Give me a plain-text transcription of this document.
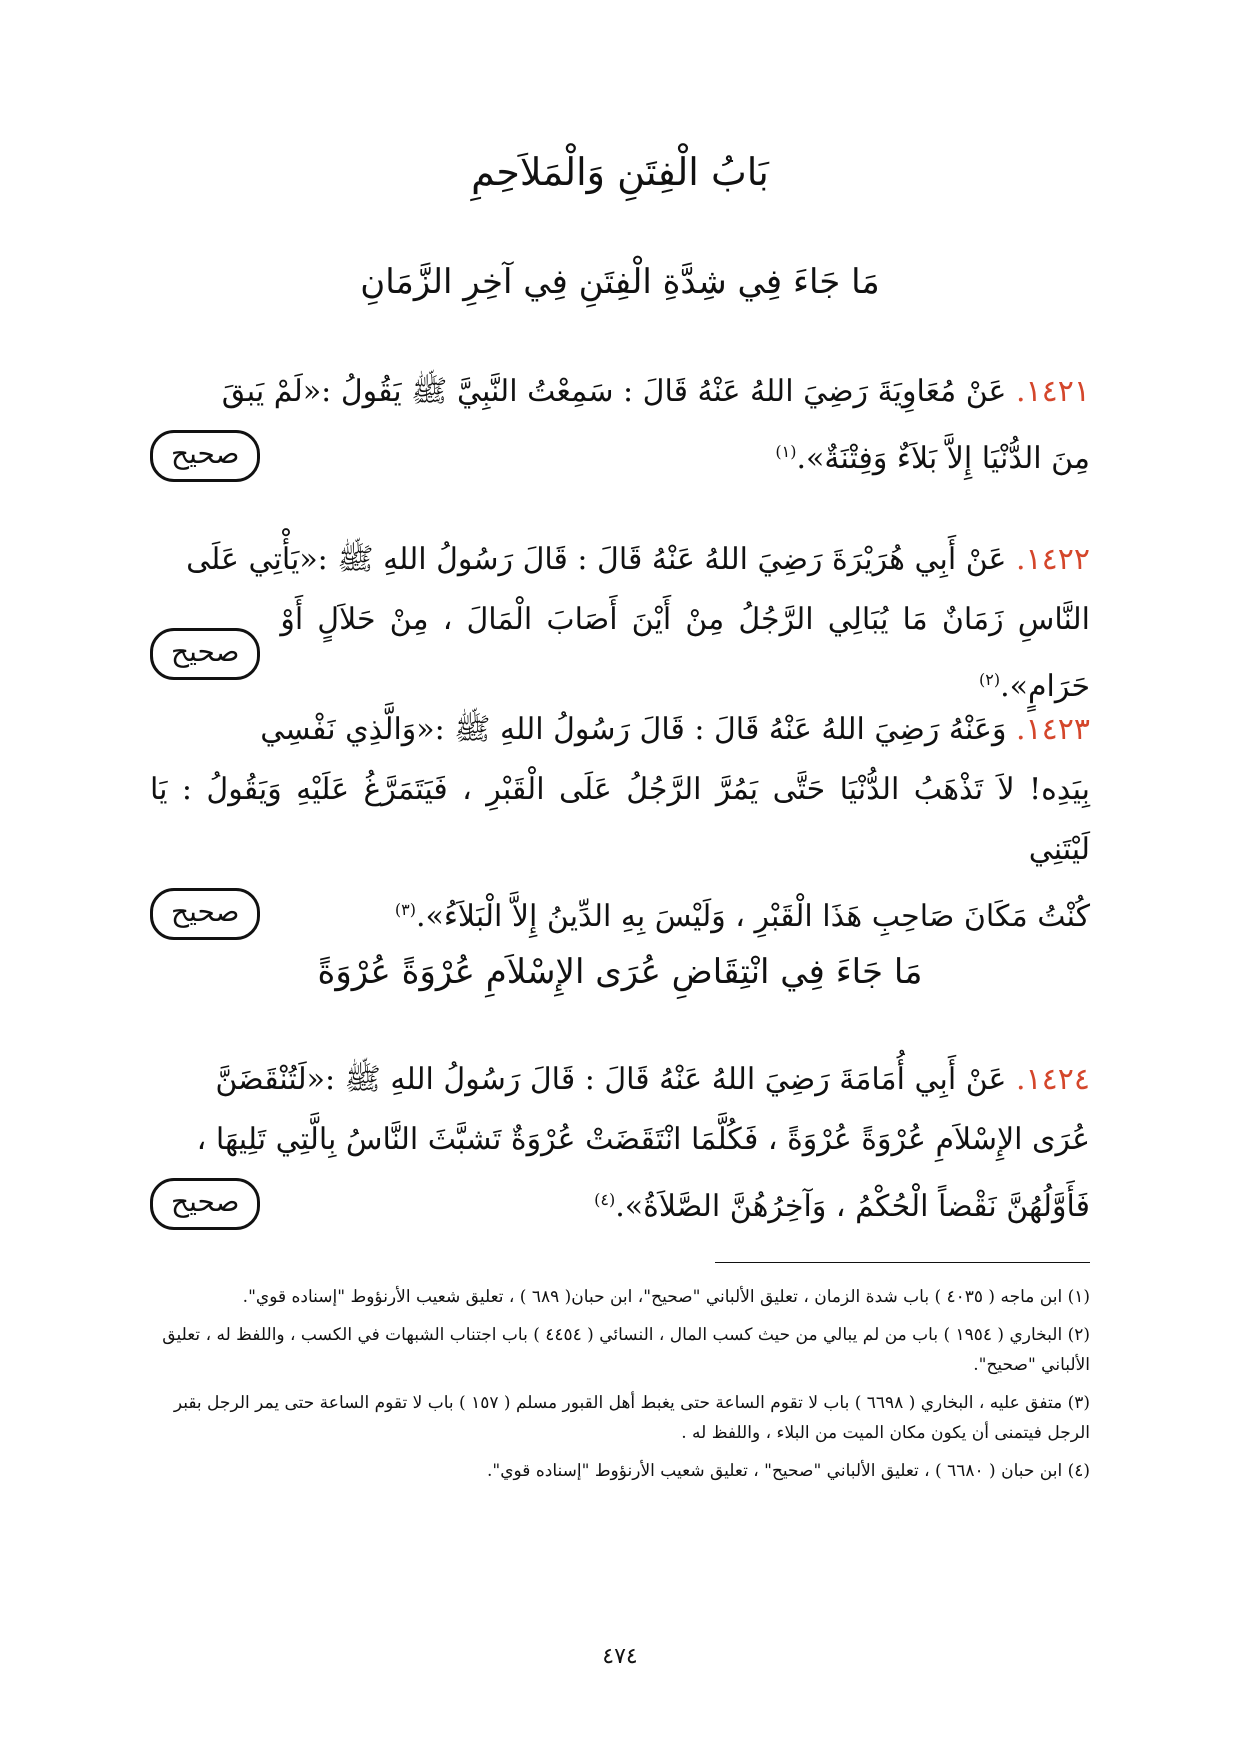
بَابُ الْفِتَنِ وَالْمَلاَحِمِ
مَا جَاءَ فِي شِدَّةِ الْفِتَنِ فِي آخِرِ الزَّمَانِ
١٤٢١. عَنْ مُعَاوِيَةَ رَضِيَ اللهُ عَنْهُ قَالَ : سَمِعْتُ النَّبِيَّ ﷺ يَقُولُ :«لَمْ يَبقَ
مِنَ الدُّنْيَا إِلاَّ بَلاَءٌ وَفِتْنَةٌ».$^{(١)}$
صحيح
١٤٢٢. عَنْ أَبِي هُرَيْرَةَ رَضِيَ اللهُ عَنْهُ قَالَ : قَالَ رَسُولُ اللهِ ﷺ :«يَأْتِي عَلَى
النَّاسِ زَمَانٌ مَا يُبَالِي الرَّجُلُ مِنْ أَيْنَ أَصَابَ الْمَالَ ، مِنْ حَلاَلٍ أَوْ حَرَامٍ».$^{(٢)}$
صحيح
١٤٢٣. وَعَنْهُ رَضِيَ اللهُ عَنْهُ قَالَ : قَالَ رَسُولُ اللهِ ﷺ :«وَالَّذِي نَفْسِي
بِيَدِه! لاَ تَذْهَبُ الدُّنْيَا حَتَّى يَمُرَّ الرَّجُلُ عَلَى الْقَبْرِ ، فَيَتَمَرَّغُ عَلَيْهِ وَيَقُولُ : يَا لَيْتَنِي
كُنْتُ مَكَانَ صَاحِبِ هَذَا الْقَبْرِ ، وَلَيْسَ بِهِ الدِّينُ إِلاَّ الْبَلاَءُ».$^{(٣)}$
صحيح
مَا جَاءَ فِي انْتِقَاضِ عُرَى الإِسْلاَمِ عُرْوَةً عُرْوَةً
١٤٢٤. عَنْ أَبِي أُمَامَةَ رَضِيَ اللهُ عَنْهُ قَالَ : قَالَ رَسُولُ اللهِ ﷺ :«لَتُنْقَضَنَّ
عُرَى الإِسْلاَمِ عُرْوَةً عُرْوَةً ، فَكُلَّمَا انْتَقَضَتْ عُرْوَةٌ تَشبَّثَ النَّاسُ بِالَّتِي تَلِيهَا ،
فَأَوَّلُهُنَّ نَقْضاً الْحُكْمُ ، وَآخِرُهُنَّ الصَّلاَةُ».$^{(٤)}$
صحيح
(١) ابن ماجه ( ٤٠٣٥ ) باب شدة الزمان ، تعليق الألباني "صحيح"، ابن حبان( ٦٨٩ ) ، تعليق شعيب الأرنؤوط "إسناده قوي".
(٢) البخاري ( ١٩٥٤ ) باب من لم يبالي من حيث كسب المال ، النسائي ( ٤٤٥٤ ) باب اجتناب الشبهات في الكسب ، واللفظ له ، تعليق الألباني "صحيح".
(٣) متفق عليه ، البخاري ( ٦٦٩٨ ) باب لا تقوم الساعة حتى يغبط أهل القبور مسلم ( ١٥٧ ) باب لا تقوم الساعة حتى يمر الرجل بقبر الرجل فيتمنى أن يكون مكان الميت من البلاء ، واللفظ له .
(٤) ابن حبان ( ٦٦٨٠ ) ، تعليق الألباني "صحيح" ، تعليق شعيب الأرنؤوط "إسناده قوي".
٤٧٤
